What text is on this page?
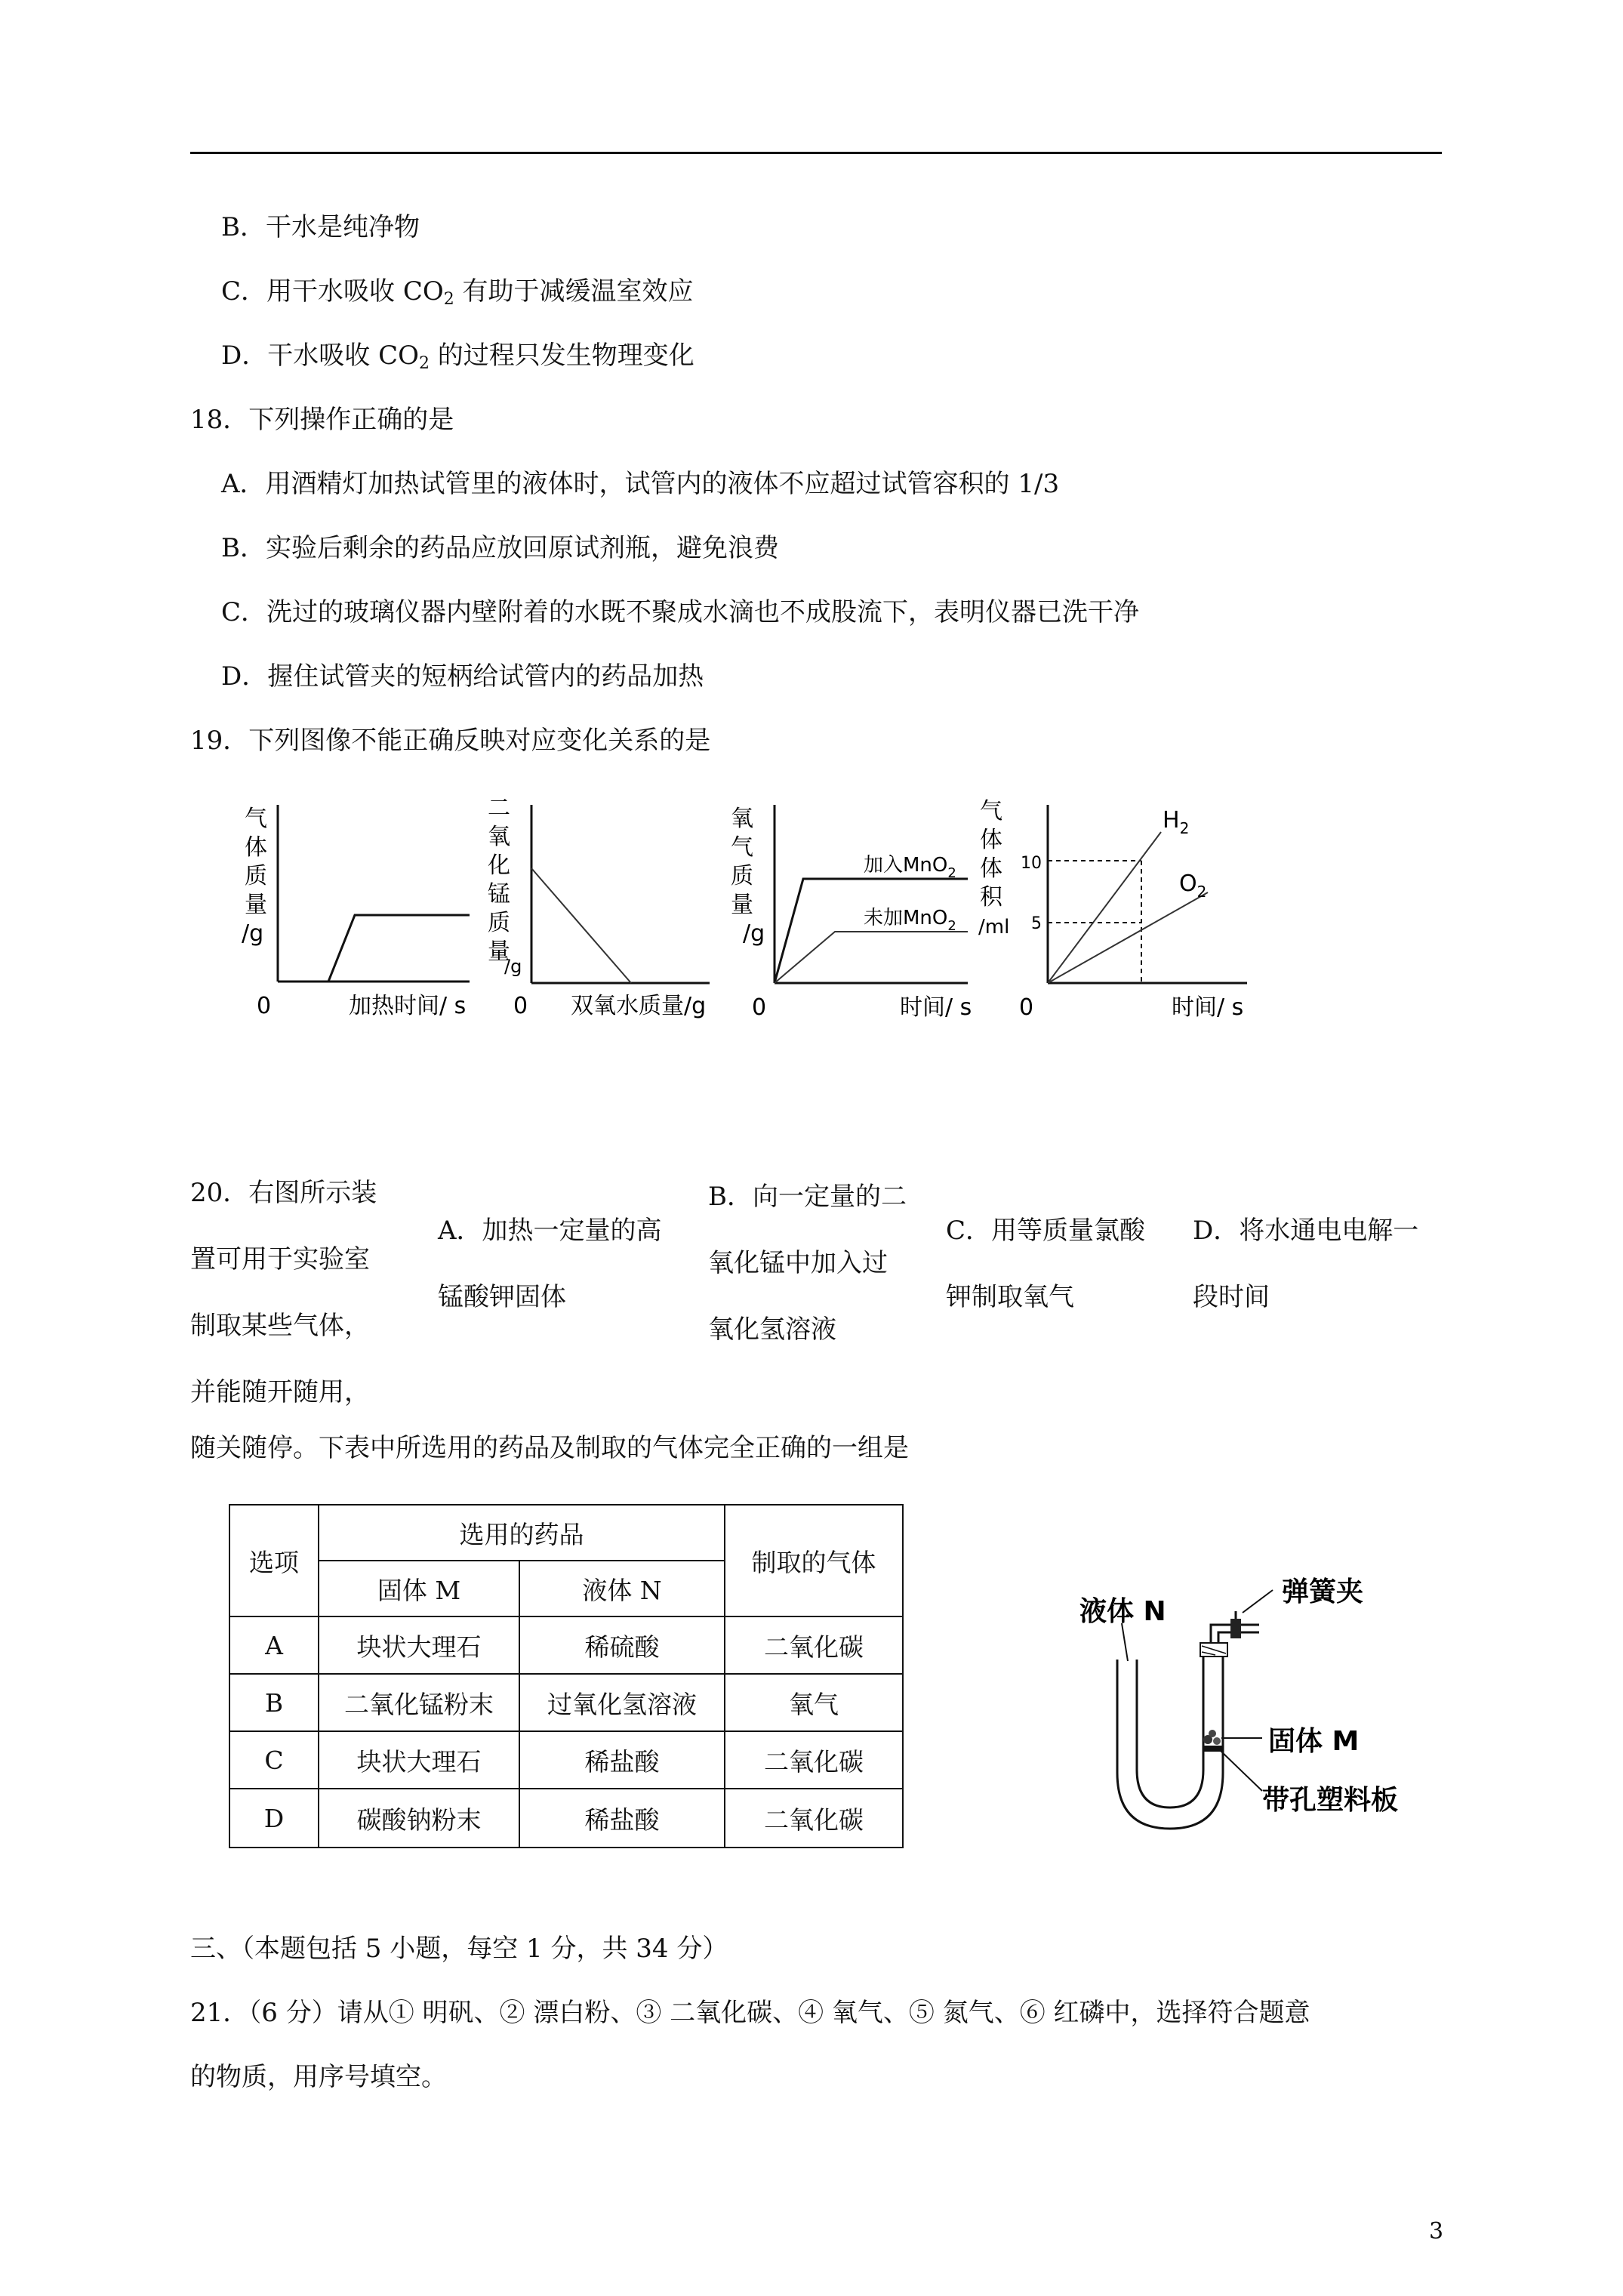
B．干水是纯净物
C．用干水吸收 $CO_2$ 有助于减缓温室效应
D．干水吸收 $CO_2$ 的过程只发生物理变化
18．下列操作正确的是
A．用酒精灯加热试管里的液体时，试管内的液体不应超过试管容积的 1/3
B．实验后剩余的药品应放回原试剂瓶，避免浪费
C．洗过的玻璃仪器内壁附着的水既不聚成水滴也不成股流下，表明仪器已洗干净
D．握住试管夹的短柄给试管内的药品加热
19．下列图像不能正确反映对应变化关系的是
气
体
质
量
/g
0	加热时间/ s
二
氧
化
锰
质
量
/g
0 双氧水质量/g
氧
气
质
量
/g
加入MnO$_2$
未加MnO$_2$
0	时间/ s
气
体
体
积
/ml
10
5
$H_2$
$O_2$
0	时间/ s
20．右图所示装
置可用于实验室
制取某些气体，
并能随开随用，
A．加热一定量的高
锰酸钾固体
B．向一定量的二
氧化锰中加入过
氧化氢溶液
C．用等质量氯酸
钾制取氧气
D．将水通电电解一
段时间
随关随停。下表中所选用的药品及制取的气体完全正确的一组是
选项	选用的药品		制取的气体
	固体 M	液体 N	
A	块状大理石	稀硫酸	二氧化碳
B	二氧化锰粉末	过氧化氢溶液	氧气
C	块状大理石	稀盐酸	二氧化碳
D	碳酸钠粉末	稀盐酸	二氧化碳
液体 N
弹簧夹
固体 M
带孔塑料板
三、（本题包括 5 小题，每空 1 分，共 34 分）
21．（6 分）请从① 明矾、② 漂白粉、③ 二氧化碳、④ 氧气、⑤ 氮气、⑥ 红磷中，选择符合题意
的物质，用序号填空。
3
